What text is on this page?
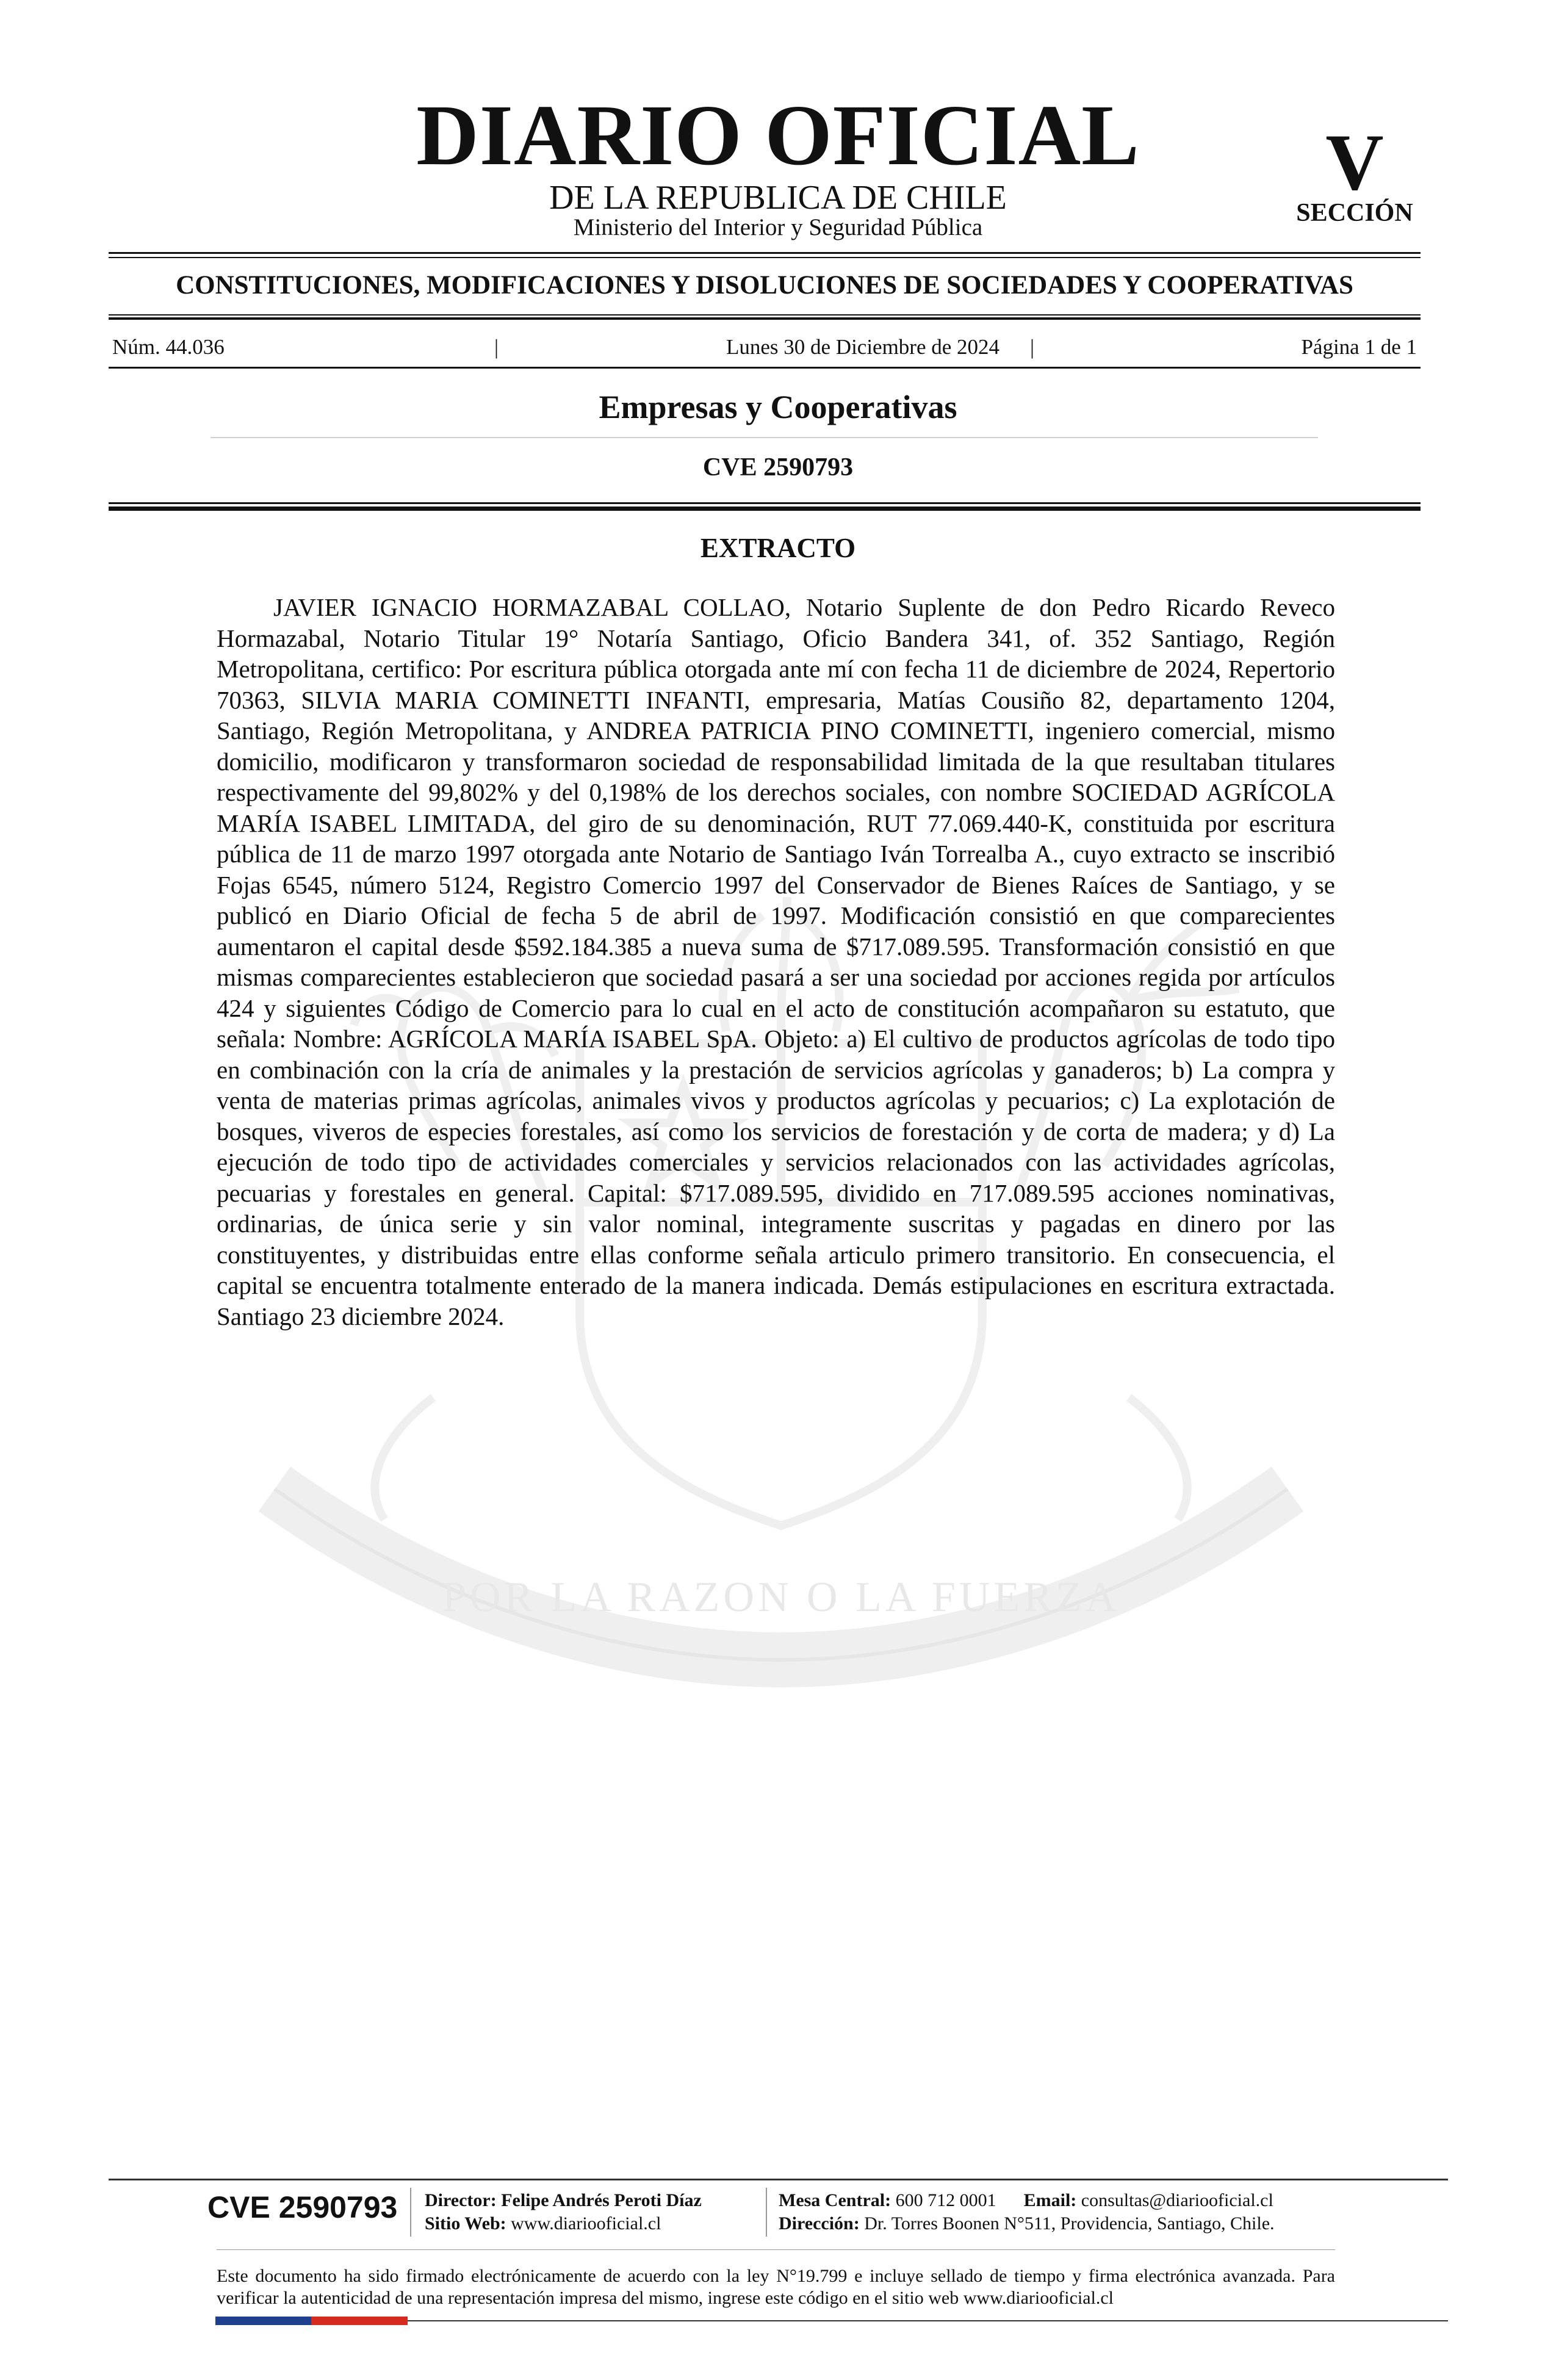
DIARIO OFICIAL
DE LA REPUBLICA DE CHILE
Ministerio del Interior y Seguridad Pública
V
SECCIÓN
CONSTITUCIONES, MODIFICACIONES Y DISOLUCIONES DE SOCIEDADES Y COOPERATIVAS
Núm. 44.036	|	Lunes 30 de Diciembre de 2024	|	Página 1 de 1
Empresas y Cooperativas
CVE 2590793
POR LA RAZON O LA FUERZA
EXTRACTO
JAVIER IGNACIO HORMAZABAL COLLAO, Notario Suplente de don Pedro Ricardo Reveco Hormazabal, Notario Titular 19° Notaría Santiago, Oficio Bandera 341, of. 352 Santiago, Región Metropolitana, certifico: Por escritura pública otorgada ante mí con fecha 11 de diciembre de 2024, Repertorio 70363, SILVIA MARIA COMINETTI INFANTI, empresaria, Matías Cousiño 82, departamento 1204, Santiago, Región Metropolitana, y ANDREA PATRICIA PINO COMINETTI, ingeniero comercial, mismo domicilio, modificaron y transformaron sociedad de responsabilidad limitada de la que resultaban titulares respectivamente del 99,802% y del 0,198% de los derechos sociales, con nombre SOCIEDAD AGRÍCOLA MARÍA ISABEL LIMITADA, del giro de su denominación, RUT 77.069.440-K, constituida por escritura pública de 11 de marzo 1997 otorgada ante Notario de Santiago Iván Torrealba A., cuyo extracto se inscribió Fojas 6545, número 5124, Registro Comercio 1997 del Conservador de Bienes Raíces de Santiago, y se publicó en Diario Oficial de fecha 5 de abril de 1997. Modificación consistió en que comparecientes aumentaron el capital desde $592.184.385 a nueva suma de $717.089.595. Transformación consistió en que mismas comparecientes establecieron que sociedad pasará a ser una sociedad por acciones regida por artículos 424 y siguientes Código de Comercio para lo cual en el acto de constitución acompañaron su estatuto, que señala: Nombre: AGRÍCOLA MARÍA ISABEL SpA. Objeto: a) El cultivo de productos agrícolas de todo tipo en combinación con la cría de animales y la prestación de servicios agrícolas y ganaderos; b) La compra y venta de materias primas agrícolas, animales vivos y productos agrícolas y pecuarios; c) La explotación de bosques, viveros de especies forestales, así como los servicios de forestación y de corta de madera; y d) La ejecución de todo tipo de actividades comerciales y servicios relacionados con las actividades agrícolas, pecuarias y forestales en general. Capital: $717.089.595, dividido en 717.089.595 acciones nominativas, ordinarias, de única serie y sin valor nominal, integramente suscritas y pagadas en dinero por las constituyentes, y distribuidas entre ellas conforme señala articulo primero transitorio. En consecuencia, el capital se encuentra totalmente enterado de la manera indicada. Demás estipulaciones en escritura extractada. Santiago 23 diciembre 2024.
CVE 2590793 Director: Felipe Andrés Peroti Díaz
Sitio Web: www.diariooficial.cl
Mesa Central: 600 712 0001 Email: consultas@diariooficial.cl
Dirección: Dr. Torres Boonen N°511, Providencia, Santiago, Chile.
Este documento ha sido firmado electrónicamente de acuerdo con la ley N°19.799 e incluye sellado de tiempo y firma electrónica avanzada. Para verificar la autenticidad de una representación impresa del mismo, ingrese este código en el sitio web www.diariooficial.cl
